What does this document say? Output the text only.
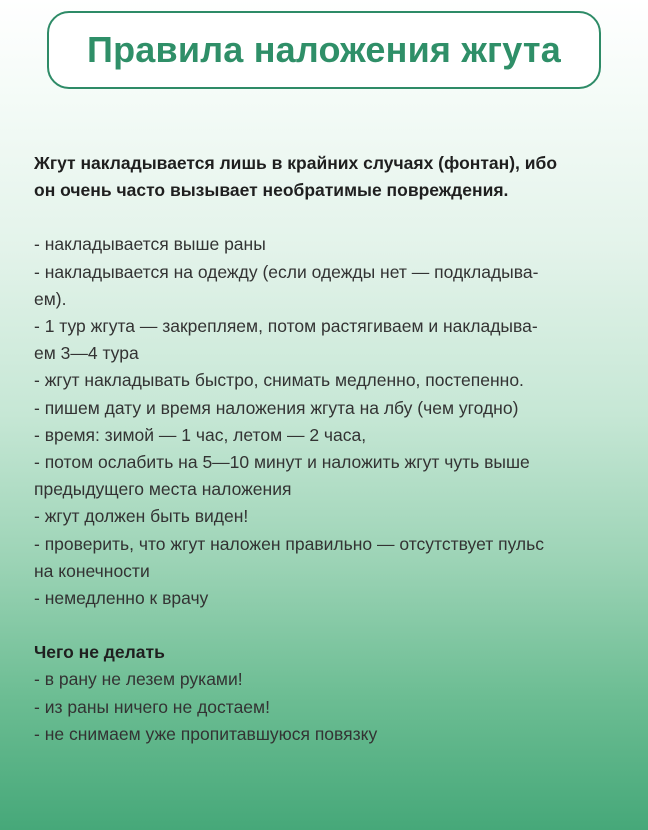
Правила наложения жгута
Жгут накладывается лишь в крайних случаях (фонтан), ибо
он очень часто вызывает необратимые повреждения.
- накладывается выше раны
- накладывается на одежду (если одежды нет — подкладыва-
ем).
- 1 тур жгута — закрепляем, потом растягиваем и накладыва-
ем 3—4 тура
- жгут накладывать быстро, снимать медленно, постепенно.
- пишем дату и время наложения жгута на лбу (чем угодно)
- время: зимой — 1 час, летом — 2 часа,
- потом ослабить на 5—10 минут и наложить жгут чуть выше
предыдущего места наложения
- жгут должен быть виден!
- проверить, что жгут наложен правильно — отсутствует пульс
на конечности
- немедленно к врачу
Чего не делать
- в рану не лезем руками!
- из раны ничего не достаем!
- не снимаем уже пропитавшуюся повязку
